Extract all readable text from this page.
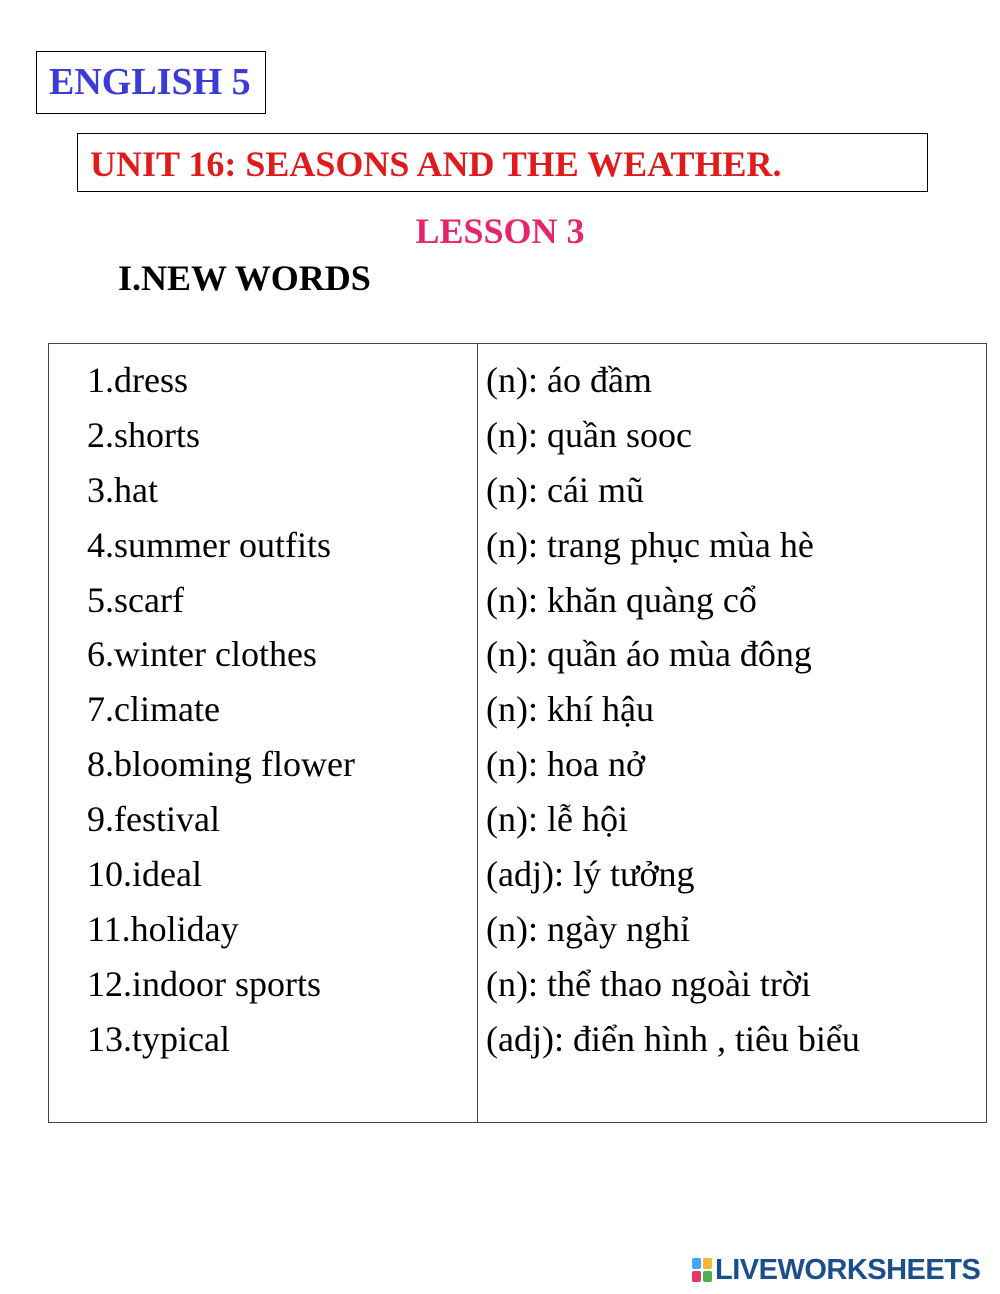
ENGLISH 5
UNIT 16: SEASONS AND THE WEATHER.
LESSON 3
I.NEW WORDS
1.dress
2.shorts
3.hat
4.summer outfits
5.scarf
6.winter clothes
7.climate
8.blooming flower
9.festival
10.ideal
11.holiday
12.indoor sports
13.typical
(n): áo đầm
(n): quần sooc
(n): cái mũ
(n): trang phục mùa hè
(n): khăn quàng cổ
(n): quần áo mùa đông
(n): khí hậu
(n): hoa nở
(n): lễ hội
(adj): lý tưởng
(n): ngày nghỉ
(n): thể thao ngoài trời
(adj): điển hình , tiêu biểu
LIVEWORKSHEETS
